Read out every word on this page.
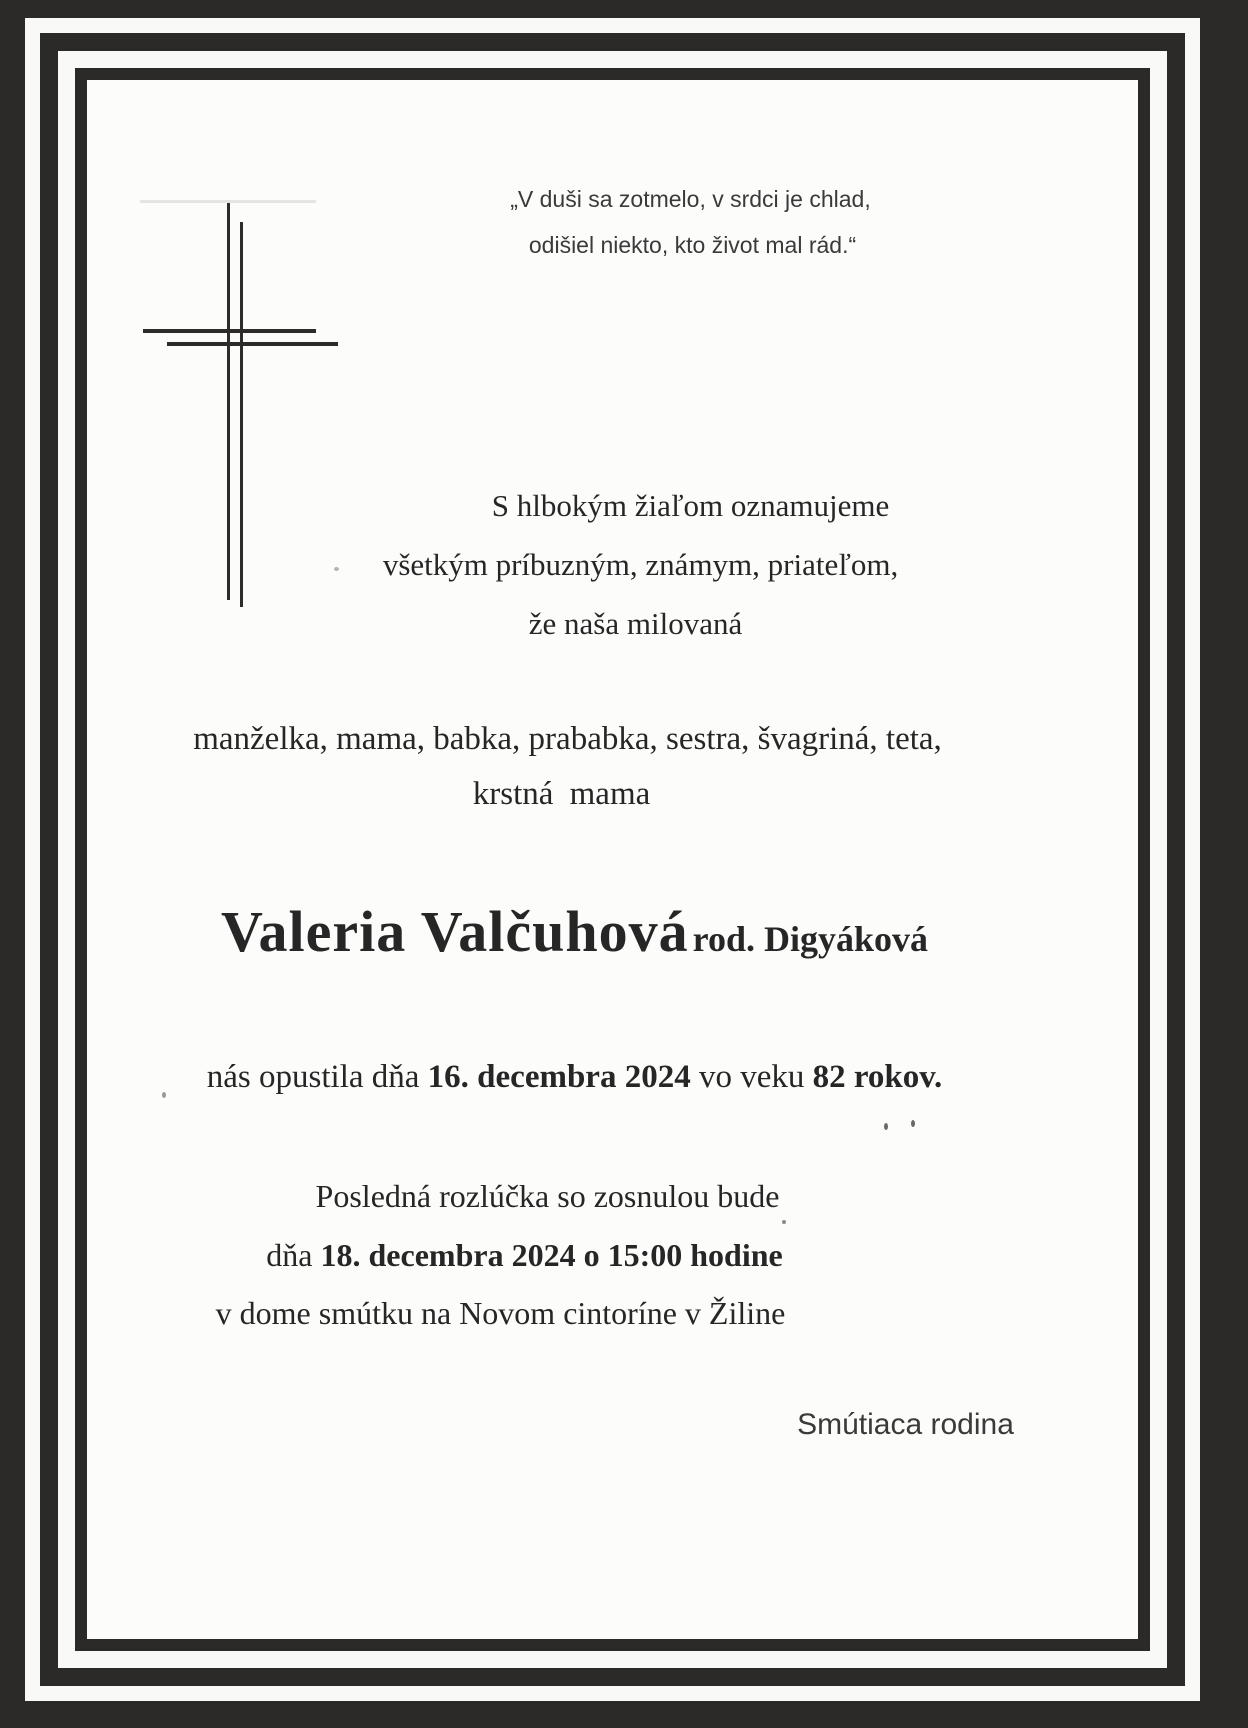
„V duši sa zotmelo, v srdci je chlad,
odišiel niekto, kto život mal rád.“
S hlbokým žiaľom oznamujeme
všetkým príbuzným, známym, priateľom,
že naša milovaná
manželka, mama, babka, prababka, sestra, švagriná, teta,
krstná mama
Valeria Valčuhová rod. Digyáková
nás opustila dňa 16. decembra 2024 vo veku 82 rokov.
Posledná rozlúčka so zosnulou bude
dňa 18. decembra 2024 o 15:00 hodine
v dome smútku na Novom cintoríne v Žiline
Smútiaca rodina
